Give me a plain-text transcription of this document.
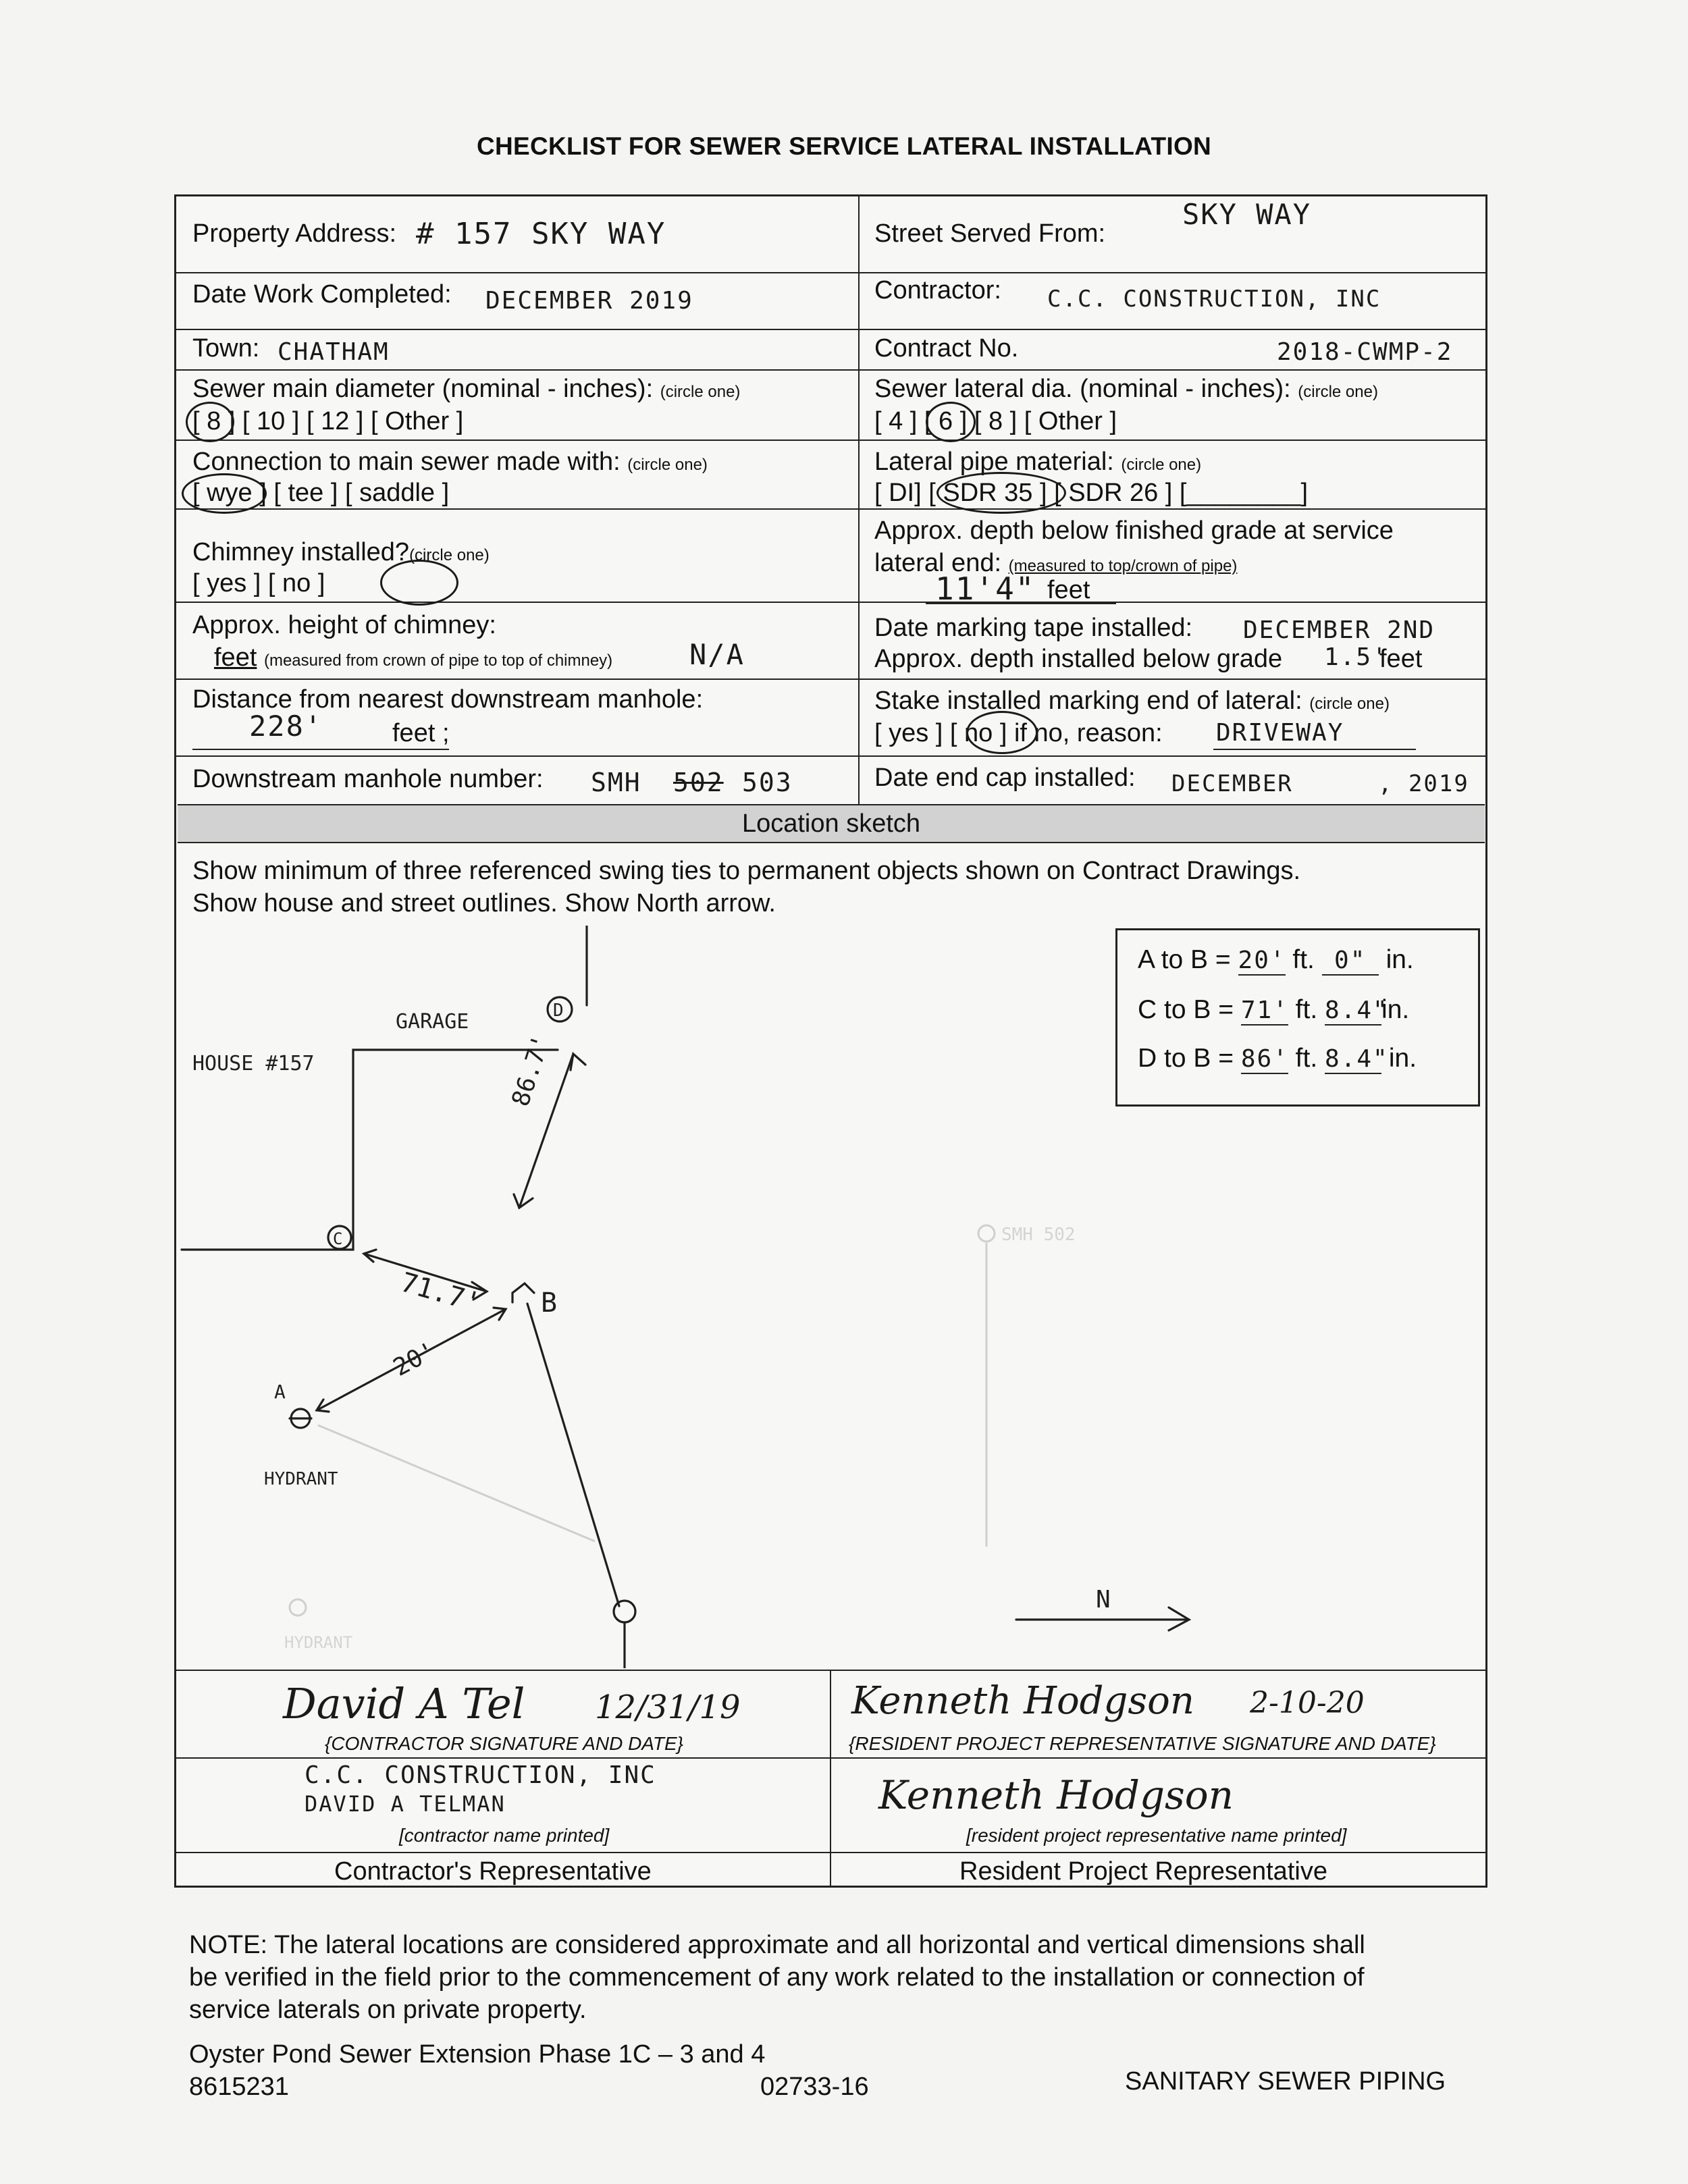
CHECKLIST FOR SEWER SERVICE LATERAL INSTALLATION
Property Address: # 157 SKY WAY	Street Served From:
SKY WAY
Date Work Completed: DECEMBER 2019	Contractor: C.C. CONSTRUCTION, INC
Town: CHATHAM	Contract No.	2018-CWMP-2
Sewer main diameter (nominal - inches): (circle one)
[ 8 ] [ 10 ] [ 12 ] [ Other ]
Sewer lateral dia. (nominal - inches): (circle one)
[ 4 ] [ 6 ] [ 8 ] [ Other ]
Connection to main sewer made with: (circle one)
[ wye ] [ tee ] [ saddle ]
Lateral pipe material: (circle one)
[ DI] [ SDR 35 ] [ SDR 26 ] [________]
Chimney installed?(circle one)
[ yes ] [ no ]
Approx. depth below finished grade at service
lateral end: (measured to top/crown of pipe)
11'4" feet
Approx. height of chimney:
feet (measured from crown of pipe to top of chimney)	N/A
Date marking tape installed: DECEMBER 2ND
Approx. depth installed below grade 1.5'
feet
Distance from nearest downstream manhole:
228'	feet ;
Stake installed marking end of lateral: (circle one)
[ yes ] [ no ] if no, reason: DRIVEWAY
Downstream manhole number: SMH 502 503	Date end cap installed: DECEMBER	, 2019
Location sketch
Show minimum of three referenced swing ties to permanent objects shown on Contract Drawings.
Show house and street outlines. Show North arrow.
GARAGE
HOUSE #157
HYDRANT
A
B
C
D
71.7'
86.7'
20'
N
SMH 502
HYDRANT
David A Tel 12/31/19
{CONTRACTOR SIGNATURE AND DATE}
Kenneth Hodgson 2-10-20
{RESIDENT PROJECT REPRESENTATIVE SIGNATURE AND DATE}
C.C. CONSTRUCTION, INC
DAVID A TELMAN
[contractor name printed]
Kenneth Hodgson
[resident project representative name printed]
Contractor's Representative	Resident Project Representative
A to B = 20' ft. 0" in.
C to B = 71' ft. 8.4"in.
D to B = 86' ft. 8.4" in.
NOTE: The lateral locations are considered approximate and all horizontal and vertical dimensions shall
be verified in the field prior to the commencement of any work related to the installation or connection of
service laterals on private property.
Oyster Pond Sewer Extension Phase 1C – 3 and 4
8615231	02733-16	SANITARY SEWER PIPING
